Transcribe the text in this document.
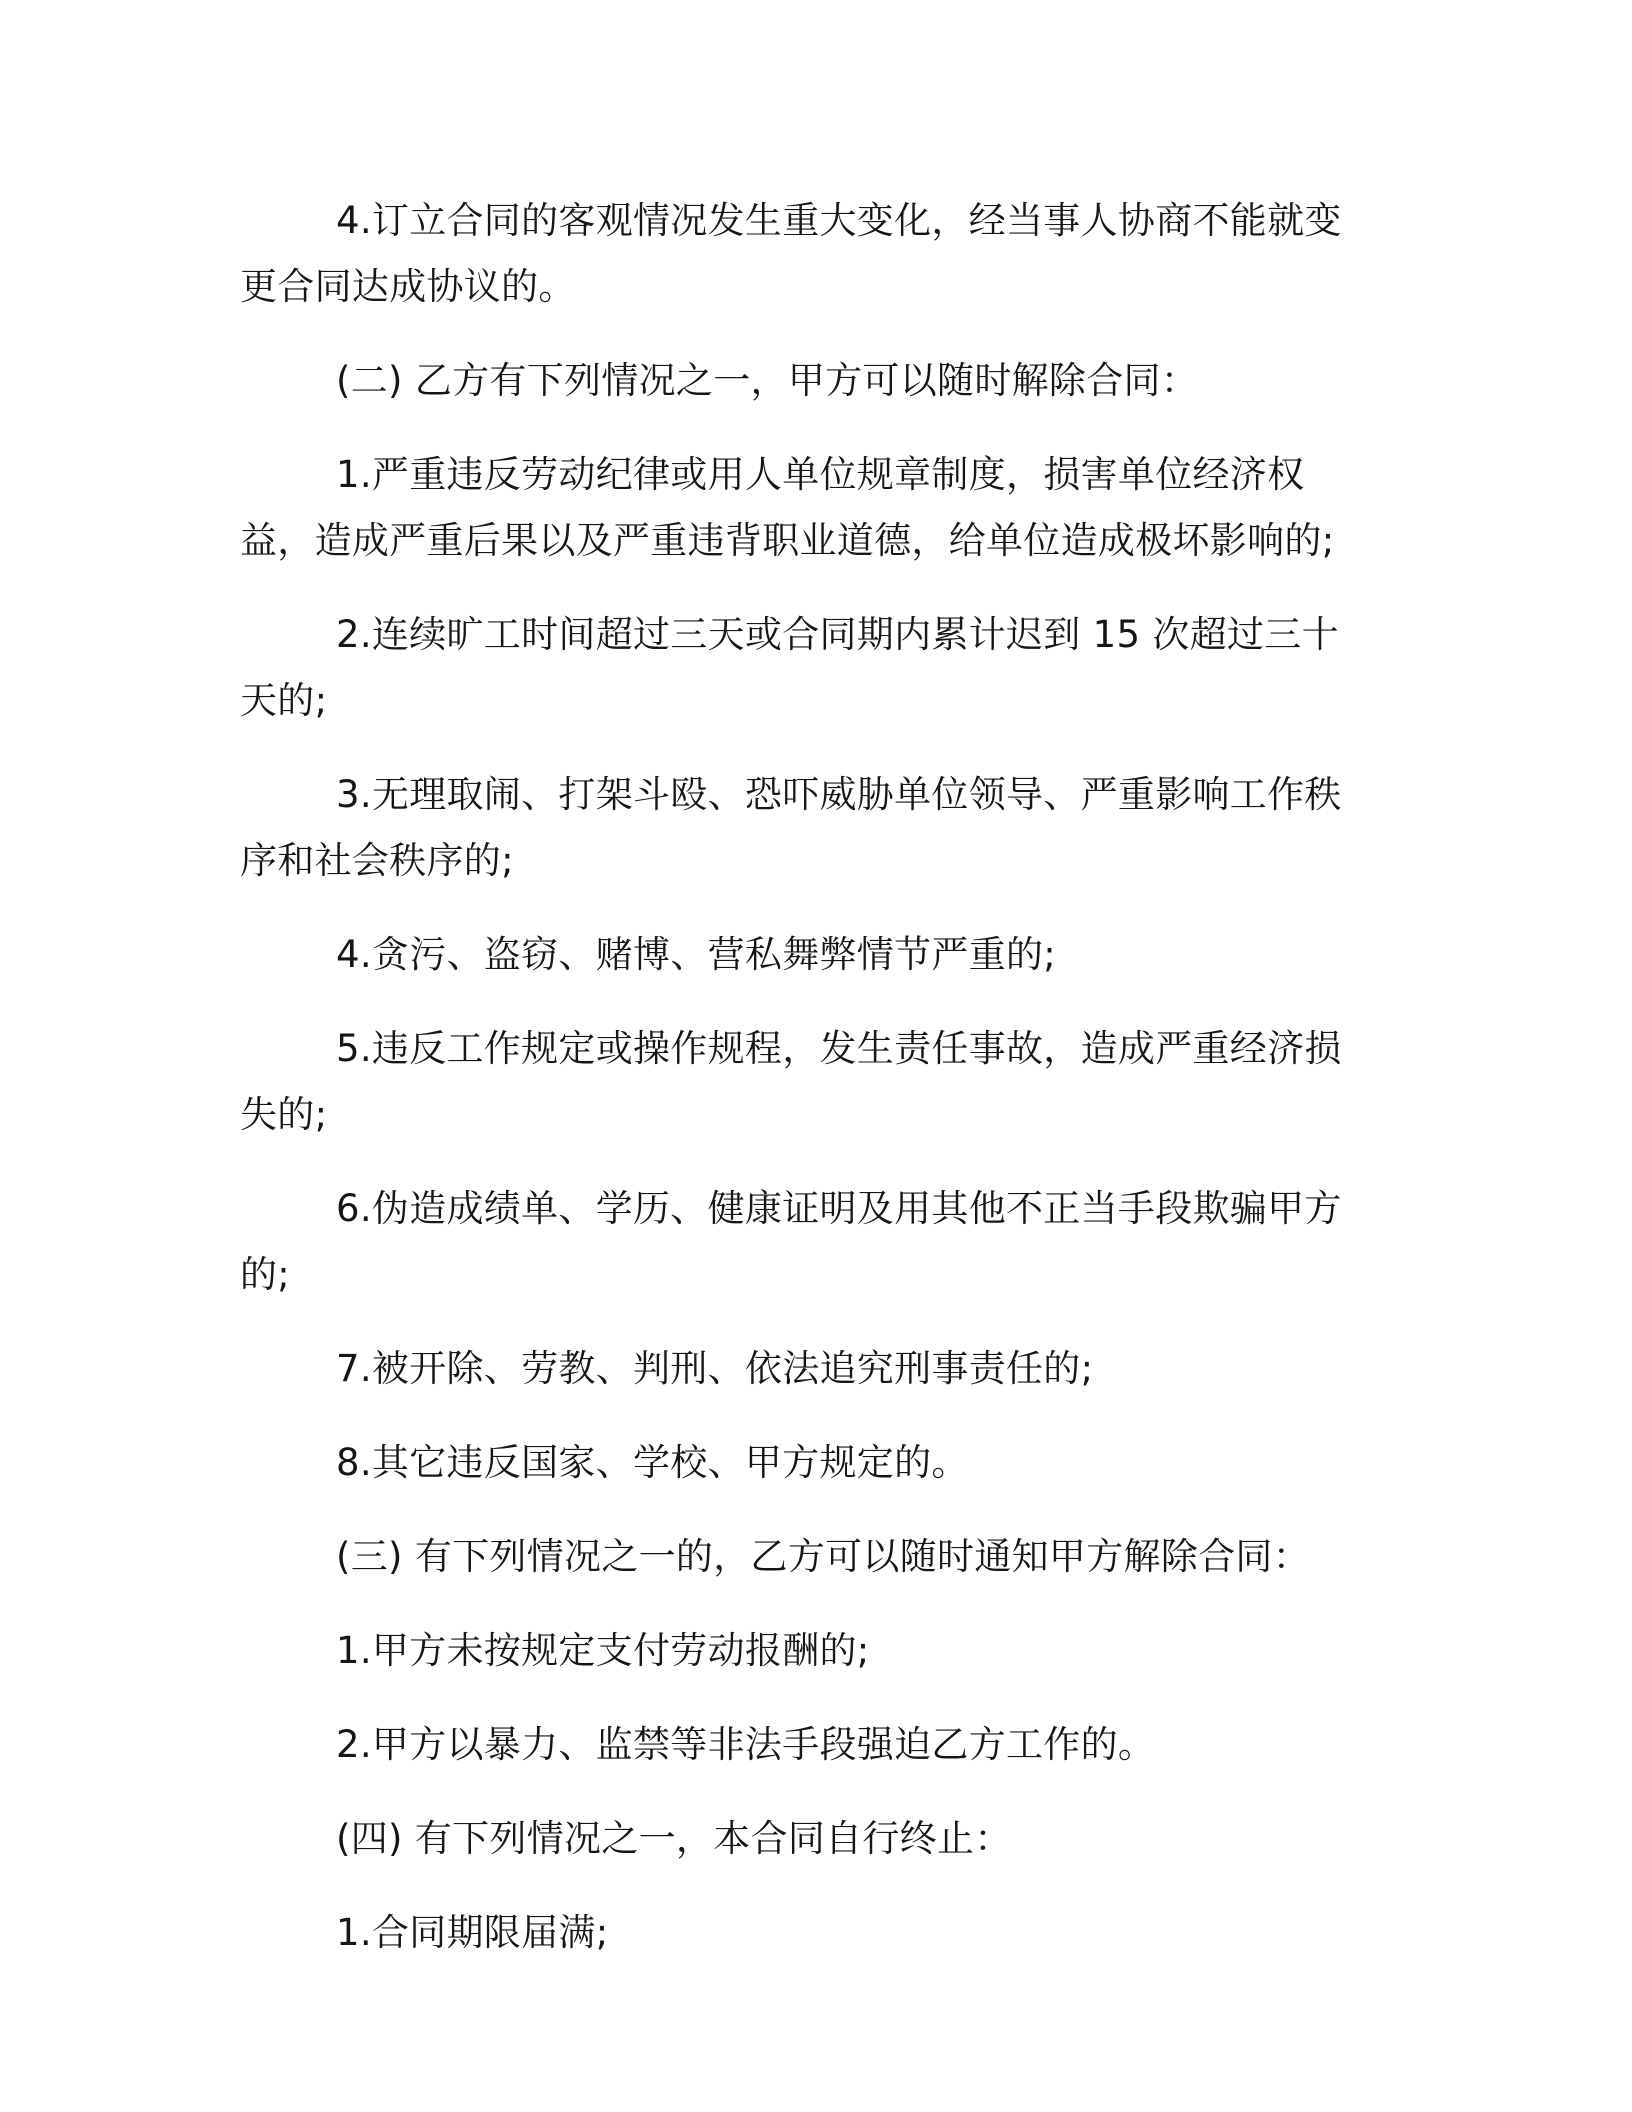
4.订立合同的客观情况发生重大变化，经当事人协商不能就变更合同达成协议的。

(二) 乙方有下列情况之一，甲方可以随时解除合同：

1.严重违反劳动纪律或用人单位规章制度，损害单位经济权益，造成严重后果以及严重违背职业道德，给单位造成极坏影响的;

2.连续旷工时间超过三天或合同期内累计迟到 15 次超过三十天的;

3.无理取闹、打架斗殴、恐吓威胁单位领导、严重影响工作秩序和社会秩序的;

4.贪污、盗窃、赌博、营私舞弊情节严重的;

5.违反工作规定或操作规程，发生责任事故，造成严重经济损失的;

6.伪造成绩单、学历、健康证明及用其他不正当手段欺骗甲方的;

7.被开除、劳教、判刑、依法追究刑事责任的;

8.其它违反国家、学校、甲方规定的。

(三) 有下列情况之一的，乙方可以随时通知甲方解除合同：

1.甲方未按规定支付劳动报酬的;

2.甲方以暴力、监禁等非法手段强迫乙方工作的。

(四) 有下列情况之一，本合同自行终止：

1.合同期限届满;
